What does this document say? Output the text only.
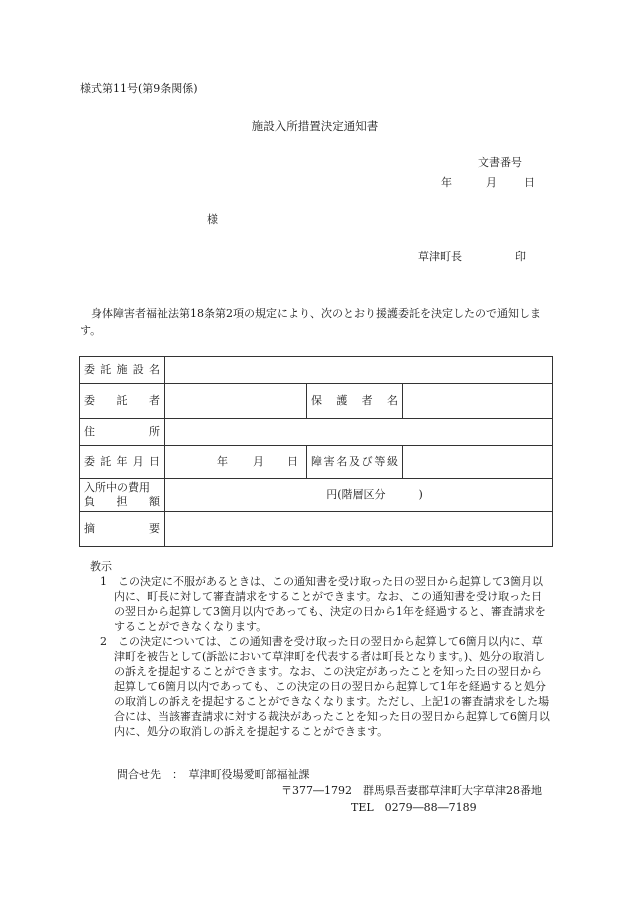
様式第11号(第9条関係)
施設入所措置決定通知書
文書番号
年	月 日
様
草津町長	印
身体障害者福祉法第18条第2項の規定により、次のとおり援護委託を決定したので通知します。
委託施設名			
委　託　者		保　護　者　名	
住　　所			
委託年月日	年 月 日	障害名及び等級	
入所中の費用
負　担　額	円(階層区分　　　)		
摘　　要			
教示

1　この決定に不服があるときは、この通知書を受け取った日の翌日から起算して3箇月以内に、町長に対して審査請求をすることができます。なお、この通知書を受け取った日の翌日から起算して3箇月以内であっても、決定の日から1年を経過すると、審査請求をすることができなくなります。

2　この決定については、この通知書を受け取った日の翌日から起算して6箇月以内に、草津町を被告として(訴訟において草津町を代表する者は町長となります。)、処分の取消しの訴えを提起することができます。なお、この決定があったことを知った日の翌日から起算して6箇月以内であっても、この決定の日の翌日から起算して1年を経過すると処分の取消しの訴えを提起することができなくなります。ただし、上記1の審査請求をした場合には、当該審査請求に対する裁決があったことを知った日の翌日から起算して6箇月以内に、処分の取消しの訴えを提起することができます。

問合せ先　：　草津町役場愛町部福祉課
〒377―1792　群馬県吾妻郡草津町大字草津28番地
TEL　0279―88―7189
